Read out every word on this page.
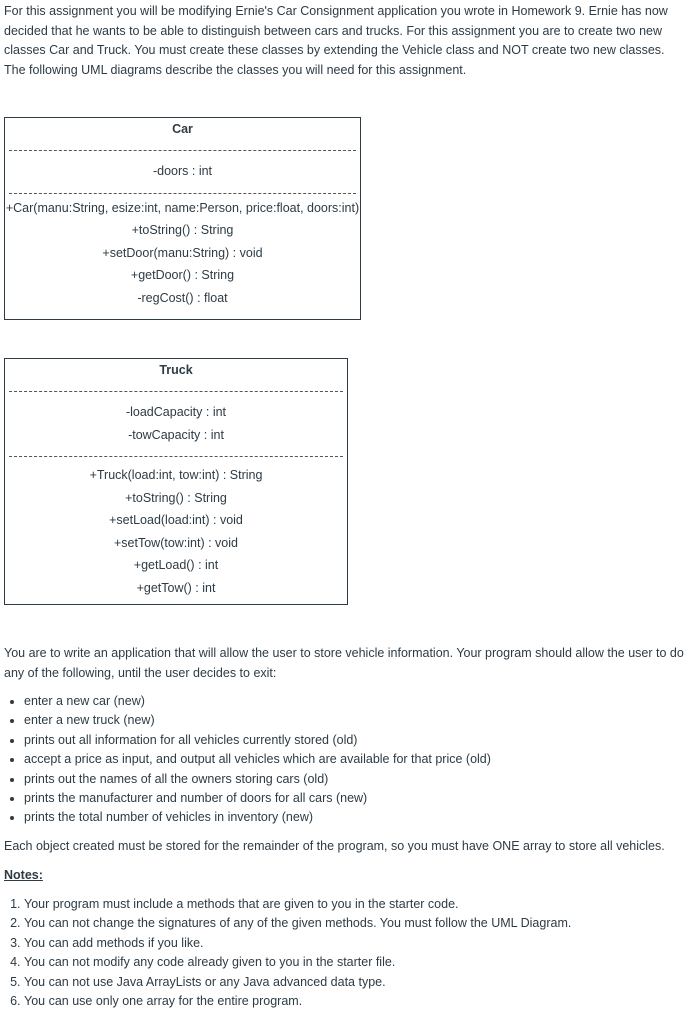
For this assignment you will be modifying Ernie's Car Consignment application you wrote in Homework 9. Ernie has now decided that he wants to be able to distinguish between cars and trucks. For this assignment you are to create two new classes Car and Truck. You must create these classes by extending the Vehicle class and NOT create two new classes. The following UML diagrams describe the classes you will need for this assignment.

Car
-doors : int
+Car(manu:String, esize:int, name:Person, price:float, doors:int)
+toString() : String
+setDoor(manu:String) : void
+getDoor() : String
-regCost() : float
Truck
-loadCapacity : int
-towCapacity : int
+Truck(load:int, tow:int) : String
+toString() : String
+setLoad(load:int) : void
+setTow(tow:int) : void
+getLoad() : int
+getTow() : int

You are to write an application that will allow the user to store vehicle information. Your program should allow the user to do any of the following, until the user decides to exit:

• enter a new car (new)
• enter a new truck (new)
• prints out all information for all vehicles currently stored (old)
• accept a price as input, and output all vehicles which are available for that price (old)
• prints out the names of all the owners storing cars (old)
• prints the manufacturer and number of doors for all cars (new)
• prints the total number of vehicles in inventory (new)

Each object created must be stored for the remainder of the program, so you must have ONE array to store all vehicles.

Notes:

1. Your program must include a methods that are given to you in the starter code.
2. You can not change the signatures of any of the given methods. You must follow the UML Diagram.
3. You can add methods if you like.
4. You can not modify any code already given to you in the starter file.
5. You can not use Java ArrayLists or any Java advanced data type.
6. You can use only one array for the entire program.
